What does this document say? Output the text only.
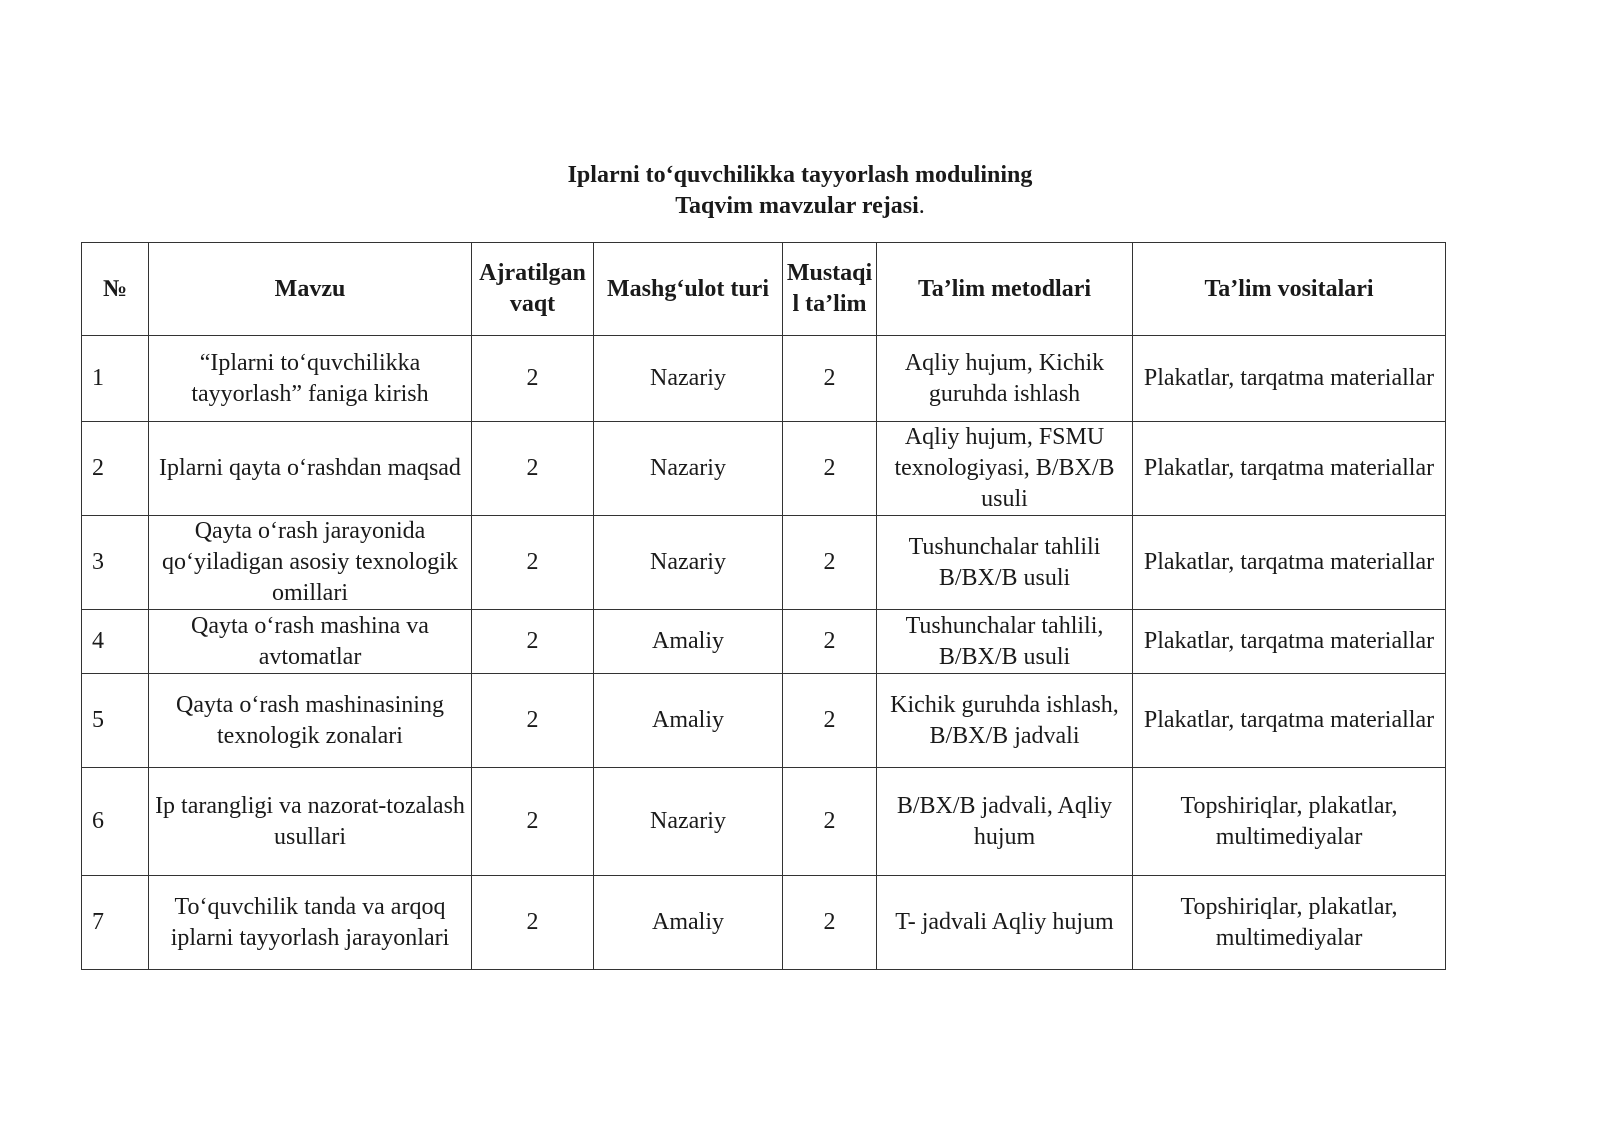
Iplarni to‘quvchilikka tayyorlash modulining
Taqvim mavzular rejasi.
№	Mavzu	Ajratilgan vaqt	Mashg‘ulot turi	Mustaqil ta’lim	Ta’lim metodlari	Ta’lim vositalari
1	“Iplarni to‘quvchilikka tayyorlash” faniga kirish	2	Nazariy	2	Aqliy hujum, Kichik guruhda ishlash	Plakatlar, tarqatma materiallar
2	Iplarni qayta o‘rashdan maqsad	2	Nazariy	2	Aqliy hujum, FSMU texnologiyasi, B/BX/B usuli	Plakatlar, tarqatma materiallar
3	Qayta o‘rash jarayonida qo‘yiladigan asosiy texnologik omillari	2	Nazariy	2	Tushunchalar tahlili B/BX/B usuli	Plakatlar, tarqatma materiallar
4	Qayta o‘rash mashina va avtomatlar	2	Amaliy	2	Tushunchalar tahlili, B/BX/B usuli	Plakatlar, tarqatma materiallar
5	Qayta o‘rash mashinasining texnologik zonalari	2	Amaliy	2	Kichik guruhda ishlash, B/BX/B jadvali	Plakatlar, tarqatma materiallar
6	Ip tarangligi va nazorat-tozalash usullari	2	Nazariy	2	B/BX/B jadvali, Aqliy hujum	Topshiriqlar, plakatlar, multimediyalar
7	To‘quvchilik tanda va arqoq iplarni tayyorlash jarayonlari	2	Amaliy	2	T- jadvali Aqliy hujum	Topshiriqlar, plakatlar, multimediyalar
